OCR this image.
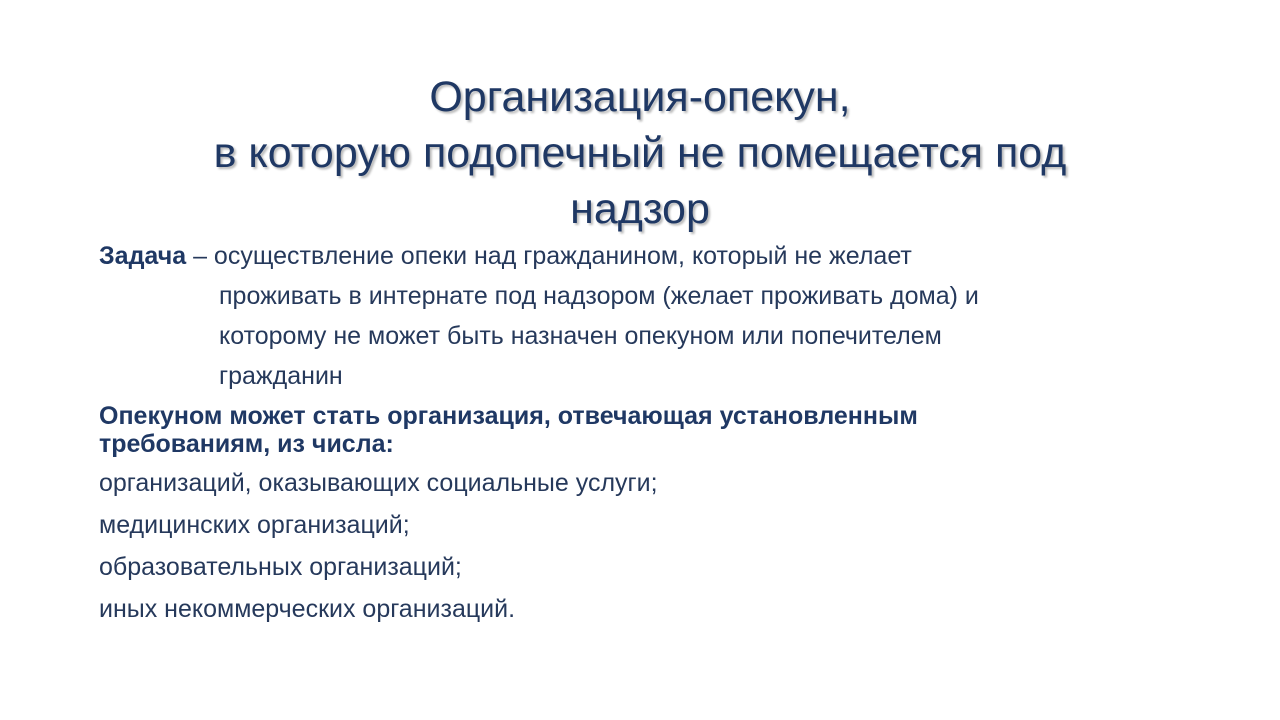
Организация-опекун,
в которую подопечный не помещается под
надзор

Задача – осуществление опеки над гражданином, который не желает
проживать в интернате под надзором (желает проживать дома) и
которому не может быть назначен опекуном или попечителем
гражданин

Опекуном может стать организация, отвечающая установленным
требованиям, из числа:

организаций, оказывающих социальные услуги;
медицинских организаций;
образовательных организаций;
иных некоммерческих организаций.
